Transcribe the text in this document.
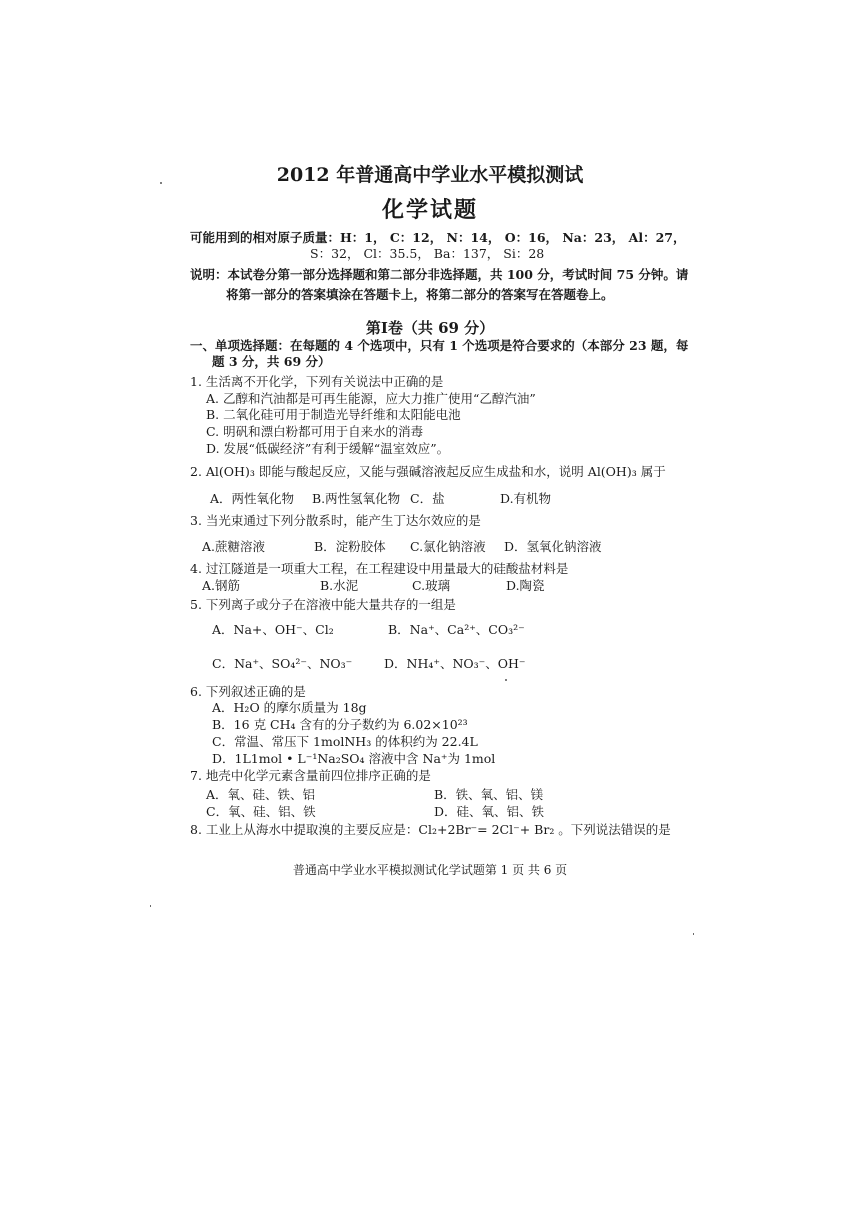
2012 年普通高中学业水平模拟测试
化学试题
可能用到的相对原子质量：H：1， C：12， N：14， O：16， Na：23， Al：27，
S：32， Cl：35.5， Ba：137， Si：28
说明：本试卷分第一部分选择题和第二部分非选择题，共 100 分，考试时间 75 分钟。请
将第一部分的答案填涂在答题卡上，将第二部分的答案写在答题卷上。
第Ⅰ卷（共 69 分）
一、单项选择题：在每题的 4 个选项中，只有 1 个选项是符合要求的（本部分 23 题，每
题 3 分，共 69 分）
1. 生活离不开化学，下列有关说法中正确的是
A. 乙醇和汽油都是可再生能源，应大力推广使用“乙醇汽油”
B. 二氧化硅可用于制造光导纤维和太阳能电池
C. 明矾和漂白粉都可用于自来水的消毒
D. 发展“低碳经济”有利于缓解“温室效应”。
2. Al(OH)₃ 即能与酸起反应，又能与强碱溶液起反应生成盐和水，说明 Al(OH)₃ 属于
A．两性氧化物 B.两性氢氧化物 C．盐	D.有机物
3. 当光束通过下列分散系时，能产生丁达尔效应的是
A.蔗糖溶液	B．淀粉胶体 C.氯化钠溶液 D．氢氧化钠溶液
4. 过江隧道是一项重大工程，在工程建设中用量最大的硅酸盐材料是
A.钢筋	B.水泥	C.玻璃	D.陶瓷
5. 下列离子或分子在溶液中能大量共存的一组是
A．Na+、OH⁻、Cl₂	B．Na⁺、Ca²⁺、CO₃²⁻
C．Na⁺、SO₄²⁻、NO₃⁻	D．NH₄⁺、NO₃⁻、OH⁻
6. 下列叙述正确的是
A．H₂O 的摩尔质量为 18g
B．16 克 CH₄ 含有的分子数约为 6.02×10²³
C．常温、常压下 1molNH₃ 的体积约为 22.4L
D．1L1mol • L⁻¹Na₂SO₄ 溶液中含 Na⁺为 1mol
7. 地壳中化学元素含量前四位排序正确的是
A．氧、硅、铁、铝	B．铁、氧、铝、镁
C．氧、硅、铝、铁	D．硅、氧、铝、铁
8. 工业上从海水中提取溴的主要反应是：Cl₂+2Br⁻= 2Cl⁻+ Br₂ 。下列说法错误的是
普通高中学业水平模拟测试化学试题第 1 页 共 6 页
